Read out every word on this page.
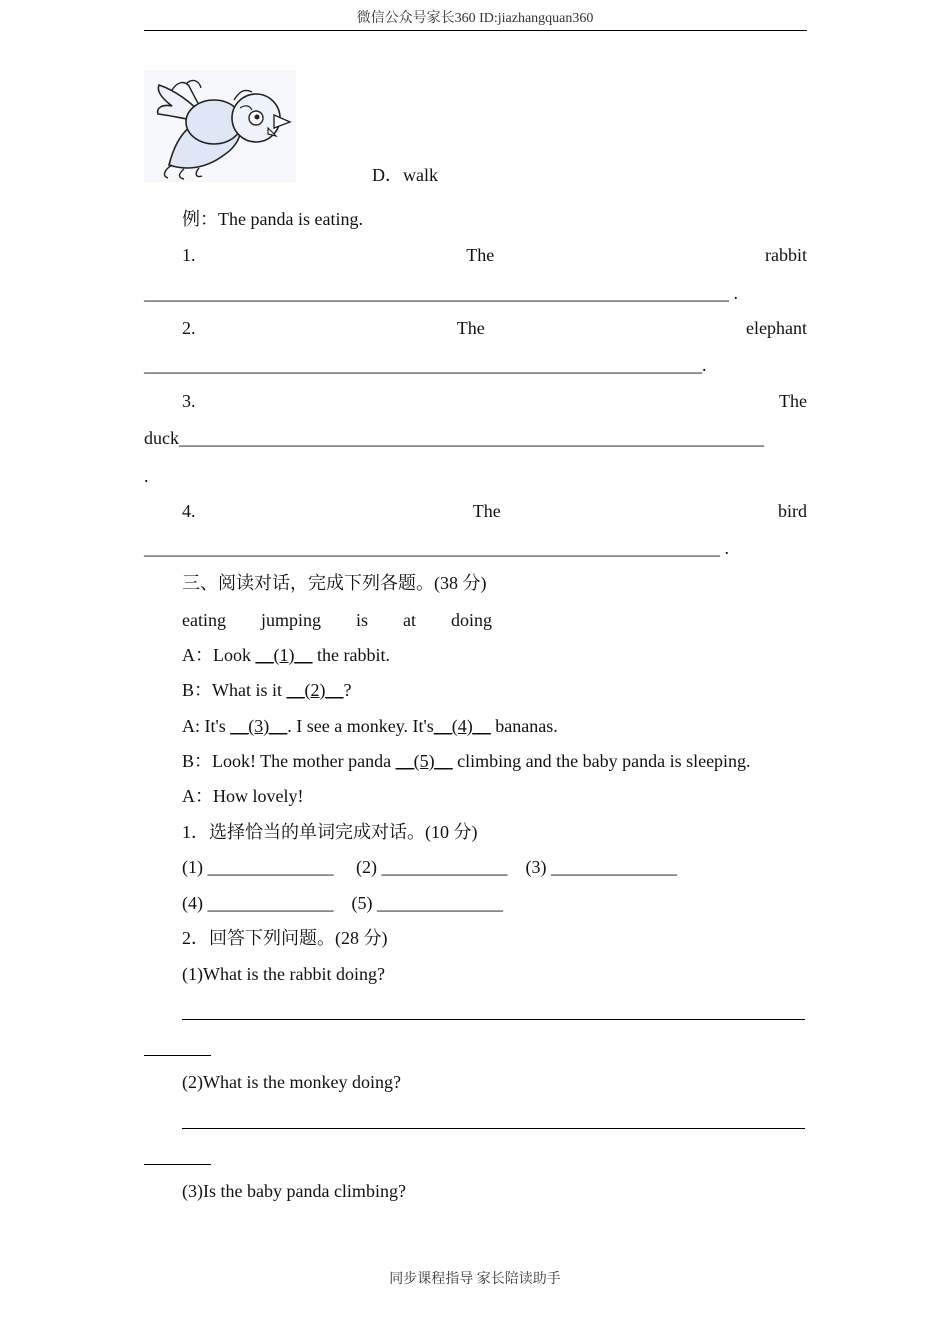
微信公众号家长360 ID:jiazhangquan360
D．walk
例：The panda is eating.
1.	The	rabbit
_________________________________________________________________ .
2.	The	elephant
______________________________________________________________.
3.	The
duck_________________________________________________________________
.
4.	The	bird
________________________________________________________________ .
三、阅读对话，完成下列各题。(38 分)
eating jumping is at doing
A：Look __(1)__ the rabbit.
B：What is it __(2)__?
A: It's __(3)__. I see a monkey. It's__(4)__ bananas.
B：Look! The mother panda __(5)__ climbing and the baby panda is sleeping.
A：How lovely!
1．选择恰当的单词完成对话。(10 分)
(1) ______________     (2) ______________    (3) ______________
(4) ______________    (5) ______________
2．回答下列问题。(28 分)
(1)What is the rabbit doing?
(2)What is the monkey doing?
(3)Is the baby panda climbing?
同步课程指导 家长陪读助手
